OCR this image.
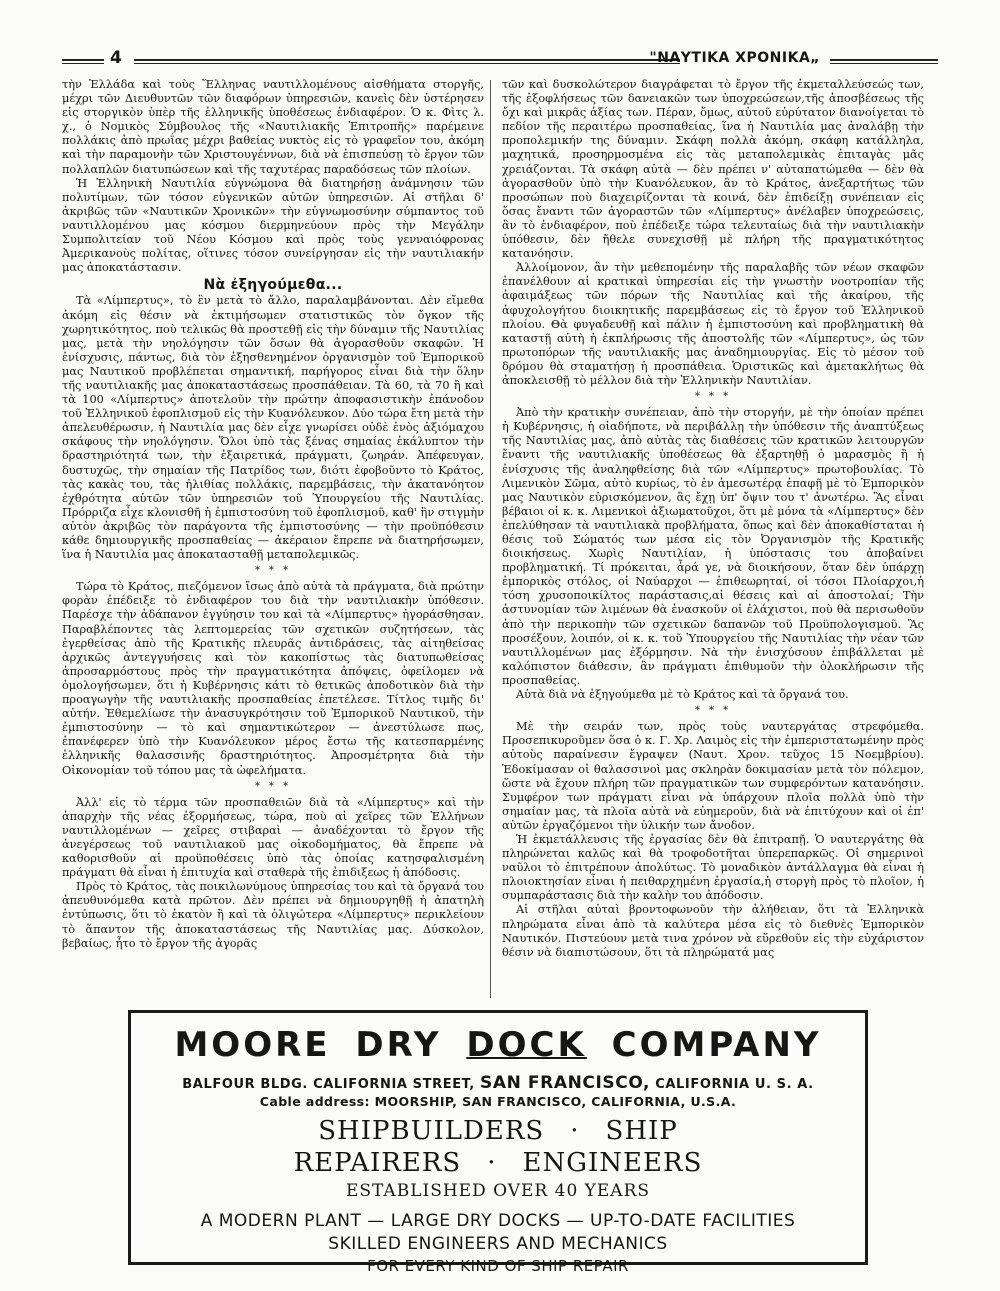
4	"ΝΑΥΤΙΚΑ ΧΡΟΝΙΚΑ„

τὴν Ἑλλάδα καὶ τοὺς Ἕλληνας ναυτιλλομένους αἰσθήματα στοργῆς, μέχρι τῶν Διευθυντῶν τῶν διαφόρων ὑπηρεσιῶν, κανεὶς δὲν ὑστέρησεν εἰς στοργικὸν ὑπὲρ τῆς ἑλληνικῆς ὑποθέσεως ἐνδιαφέρον. Ὁ κ. Φὶτς λ. χ., ὁ Νομικὸς Σύμβουλος τῆς «Ναυτιλιακῆς Ἐπιτροπῆς» παρέμεινε πολλάκις ἀπὸ πρωΐας μέχρι βαθείας νυκτὸς εἰς τὸ γραφεῖον του, ἀκόμη καὶ τὴν παραμονὴν τῶν Χριστουγέννων, διὰ νὰ ἐπισπεύσῃ τὸ ἔργον τῶν πολλαπλῶν διατυπώσεων καὶ τῆς ταχυτέρας παραδόσεως τῶν πλοίων.

Ἡ Ἑλληνικὴ Ναυτιλία εὐγνώμονα θὰ διατηρήσῃ ἀνάμνησιν τῶν πολυτίμων, τῶν τόσον εὐγενικῶν αὐτῶν ὑπηρεσιῶν. Αἱ στῆλαι δ' ἀκριβῶς τῶν «Ναυτικῶν Χρονικῶν» τὴν εὐγνωμοσύνην σύμπαντος τοῦ ναυτιλλομένου μας κόσμου διερμηνεύουν πρὸς τὴν Μεγάλην Συμπολιτείαν τοῦ Νέου Κόσμου καὶ πρὸς τοὺς γενναιόφρονας Ἀμερικανοὺς πολίτας, οἵτινες τόσον συνείργησαν εἰς τὴν ναυτιλιακήν μας ἀποκατάστασιν.

Νὰ ἐξηγούμεθα...

Τὰ «Λίμπερτυς», τὸ ἓν μετὰ τὸ ἄλλο, παραλαμβάνονται. Δὲν εἴμεθα ἀκόμη εἰς θέσιν νὰ ἐκτιμήσωμεν στατιστικῶς τὸν ὄγκον τῆς χωρητικότητος, ποὺ τελικῶς θὰ προστεθῇ εἰς τὴν δύναμιν τῆς Ναυτιλίας μας, μετὰ τὴν νηολόγησιν τῶν ὅσων θὰ ἀγορασθοῦν σκαφῶν. Ἡ ἐνίσχυσις, πάντως, διὰ τὸν ἐξησθενημένον ὀργανισμὸν τοῦ Ἐμπορικοῦ μας Ναυτικοῦ προβλέπεται σημαντική, παρήγορος εἶναι διὰ τὴν ὅλην τῆς ναυτιλιακῆς μας ἀποκαταστάσεως προσπάθειαν. Τὰ 60, τὰ 70 ἢ καὶ τὰ 100 «Λίμπερτυς» ἀποτελοῦν τὴν πρώτην ἀποφασιστικὴν ἐπάνοδον τοῦ Ἑλληνικοῦ ἐφοπλισμοῦ εἰς τὴν Κυανόλευκον. Δύο τώρα ἔτη μετὰ τὴν ἀπελευθέρωσιν, ἡ Ναυτιλία μας δὲν εἶχε γνωρίσει οὐδὲ ἑνὸς ἀξιόμαχου σκάφους τὴν νηολόγησιν. Ὅλοι ὑπὸ τὰς ξένας σημαίας ἐκάλυπτον τὴν δραστηριότητά των, τὴν ἐξαιρετικά, πράγματι, ζωηράν. Ἀπέφευγαν, δυστυχῶς, τὴν σημαίαν τῆς Πατρίδος των, διότι ἐφοβοῦντο τὸ Κράτος, τὰς κακὰς του, τὰς ἠλιθίας πολλάκις, παρεμβάσεις, τὴν ἀκατανόητον ἐχθρότητα αὐτῶν τῶν ὑπηρεσιῶν τοῦ Ὑπουργείου τῆς Ναυτιλίας. Πρόρριζα εἶχε κλονισθῆ ἡ ἐμπιστοσύνη τοῦ ἐφοπλισμοῦ, καθ' ἣν στιγμὴν αὐτὸν ἀκριβῶς τὸν παράγοντα τῆς ἐμπιστοσύνης — τὴν προϋπόθεσιν κάθε δημιουργικῆς προσπαθείας — ἀκέραιον ἔπρεπε νὰ διατηρήσωμεν, ἵνα ἡ Ναυτιλία μας ἀποκατασταθῇ μεταπολεμικῶς.

* * *

Τώρα τὸ Κράτος, πιεζόμενον ἴσως ἀπὸ αὐτὰ τὰ πράγματα, διὰ πρώτην φορὰν ἐπέδειξε τὸ ἐνδιαφέρον του διὰ τὴν ναυτιλιακὴν ὑπόθεσιν. Παρέσχε τὴν ἀδάπανον ἐγγύησιν του καὶ τὰ «Λίμπερτυς» ἠγοράσθησαν. Παραβλέποντες τὰς λεπτομερείας τῶν σχετικῶν συζητήσεων, τὰς ἐγερθείσας ἀπὸ τῆς Κρατικῆς πλευρᾶς ἀντιδράσεις, τὰς αἰτηθείσας ἀρχικῶς ἀντεγγυήσεις καὶ τὸν κακοπίστως τὰς διατυπωθείσας ἀπροσαρμόστους πρὸς τὴν πραγματικότητα ἀπόψεις, ὀφείλομεν νὰ ὁμολογήσωμεν, ὅτι ἡ Κυβέρνησις κάτι τὸ θετικῶς ἀποδοτικὸν διὰ τὴν προαγωγὴν τῆς ναυτιλιακῆς προσπαθείας ἐπετέλεσε. Τίτλος τιμῆς δι' αὐτήν. Ἐθεμελίωσε τὴν ἀνασυγκρότησιν τοῦ Ἐμπορικοῦ Ναυτικοῦ, τὴν ἐμπιστοσύνην — τὸ καὶ σημαντικώτερον — ἀνεστύλωσε πως, ἐπανέφερεν ὑπὸ τὴν Κυανόλευκον μέρος ἔστω τῆς κατεσπαρμένης ἑλληνικῆς θαλασσινῆς δραστηριότητος. Ἀπροσμέτρητα διὰ τὴν Οἰκονομίαν τοῦ τόπου μας τὰ ὠφελήματα.

* * *

Ἀλλ' εἰς τὸ τέρμα τῶν προσπαθειῶν διὰ τὰ «Λίμπερτυς» καὶ τὴν ἀπαρχὴν τῆς νέας ἐξορμήσεως, τώρα, ποὺ αἱ χεῖρες τῶν Ἑλλήνων ναυτιλλομένων — χεῖρες στιβαραὶ — ἀναδέχονται τὸ ἔργον τῆς ἀνεγέρσεως τοῦ ναυτιλιακοῦ μας οἰκοδομήματος, θὰ ἔπρεπε νὰ καθορισθοῦν αἱ προϋποθέσεις ὑπὸ τὰς ὁποίας κατησφαλισμένη πράγματι θὰ εἶναι ἡ ἐπιτυχία καὶ σταθερὰ τῆς ἐπιδιξεως ἡ ἀπόδοσις.

Πρὸς τὸ Κράτος, τὰς ποικιλωνύμους ὑπηρεσίας του καὶ τὰ ὄργανά του ἀπευθυνόμεθα κατὰ πρῶτον. Δὲν πρέπει νὰ δημιουργηθῇ ἡ ἀπατηλὴ ἐντύπωσις, ὅτι τὸ ἑκατὸν ἢ καὶ τὰ ὀλιγώτερα «Λίμπερτυς» περικλείουν τὸ ἅπαντον τῆς ἀποκαταστάσεως τῆς Ναυτιλίας μας. Δύσκολον, βεβαίως, ἦτο τὸ ἔργον τῆς ἀγορᾶς

τῶν καὶ δυσκολώτερον διαγράφεται τὸ ἔργον τῆς ἐκμεταλλεύσεώς των, τῆς ἐξοφλήσεως τῶν δανειακῶν των ὑποχρεώσεων,τῆς ἀποσβέσεως τῆς ὄχι καὶ μικρᾶς ἀξίας των. Πέραν, ὅμως, αὐτοῦ εὐρύτατον διανοίγεται τὸ πεδίον τῆς περαιτέρω προσπαθείας, ἵνα ἡ Ναυτιλία μας ἀναλάβῃ τὴν προπολεμικήν της δύναμιν. Σκάφη πολλὰ ἀκόμη, σκάφη κατάλληλα, μαχητικά, προσηρμοσμένα εἰς τὰς μεταπολεμικὰς ἐπιταγὰς μᾶς χρειάζονται. Τὰ σκάφη αὐτὰ — δὲν πρέπει ν' αὐταπατώμεθα — δὲν θὰ ἀγορασθοῦν ὑπὸ τὴν Κυανόλευκον, ἂν τὸ Κράτος, ἀνεξαρτήτως τῶν προσώπων ποὺ διαχειρίζονται τὰ κοινά, δὲν ἐπιδείξῃ συνέπειαν εἰς ὅσας ἔναντι τῶν ἀγοραστῶν τῶν «Λίμπερτυς» ἀνέλαβεν ὑποχρεώσεις, ἂν τὸ ἐνδιαφέρον, ποὺ ἐπέδειξε τώρα τελευταίως διὰ τὴν ναυτιλιακὴν ὑπόθεσιν, δὲν ἤθελε συνεχισθῇ μὲ πλήρη τῆς πραγματικότητος κατανόησιν.

Ἀλλοίμονον, ἂν τὴν μεθεπομένην τῆς παραλαβῆς τῶν νέων σκαφῶν ἐπανέλθουν αἱ κρατικαὶ ὑπηρεσίαι εἰς τὴν γνωστὴν νοοτροπίαν τῆς ἀφαιμάξεως τῶν πόρων τῆς Ναυτιλίας καὶ τῆς ἀκαίρου, τῆς ἀφυχολογήτου διοικητικῆς παρεμβάσεως εἰς τὸ ἔργον τοῦ Ἑλληνικοῦ πλοίου. Θὰ φυγαδευθῇ καὶ πάλιν ἡ ἐμπιστοσύνη καὶ προβληματικὴ θὰ καταστῇ αὐτὴ ἡ ἐκπλήρωσις τῆς ἀποστολῆς τῶν «Λίμπερτυς», ὡς τῶν πρωτοπόρων τῆς ναυτιλιακῆς μας ἀναδημιουργίας. Εἰς τὸ μέσον τοῦ δρόμου θὰ σταματήσῃ ἡ προσπάθεια. Ὁριστικῶς καὶ ἀμετακλήτως θὰ ἀποκλεισθῇ τὸ μέλλον διὰ τὴν Ἑλληνικὴν Ναυτιλίαν.

* * *

Ἀπὸ τὴν κρατικὴν συνέπειαν, ἀπὸ τὴν στοργήν, μὲ τὴν ὁποίαν πρέπει ἡ Κυβέρνησις, ἡ οἱαδήποτε, νὰ περιβάλλῃ τὴν ὑπόθεσιν τῆς ἀναπτύξεως τῆς Ναυτιλίας μας, ἀπὸ αὐτὰς τὰς διαθέσεις τῶν κρατικῶν λειτουργῶν ἔναντι τῆς ναυτιλιακῆς ὑποθέσεως θὰ ἐξαρτηθῇ ὁ μαρασμὸς ἢ ἡ ἐνίσχυσις τῆς ἀναληφθείσης διὰ τῶν «Λίμπερτυς» πρωτοβουλίας. Τὸ Λιμενικὸν Σῶμα, αὐτὸ κυρίως, τὸ ἐν ἀμεσωτέρᾳ ἐπαφῇ μὲ τὸ Ἐμπορικὸν μας Ναυτικὸν εὑρισκόμενον, ἂς ἔχῃ ὑπ' ὄψιν του τ' ἀνωτέρω. Ἂς εἶναι βέβαιοι οἱ κ. κ. Λιμενικοὶ ἀξιωματοῦχοι, ὅτι μὲ μόνα τὰ «Λίμπερτυς» δὲν ἐπελύθησαν τὰ ναυτιλιακὰ προβλήματα, ὅπως καὶ δὲν ἀποκαθίσταται ἡ θέσις τοῦ Σώματός των μέσα εἰς τὸν Ὀργανισμὸν τῆς Κρατικῆς διοικήσεως. Χωρὶς Ναυτιλίαν, ἡ ὑπόστασις του ἀποβαίνει προβληματική. Τί πρόκειται, ἆρά γε, νὰ διοικήσουν, ὅταν δὲν ὑπάρχῃ ἐμπορικὸς στόλος, οἱ Ναύαρχοι — ἐπιθεωρηταί, οἱ τόσοι Πλοίαρχοι,ἡ τόση χρυσοποικίλτος παράστασις,αἱ θέσεις καὶ αἱ ἀποστολαί; Τὴν ἀστυνομίαν τῶν λιμένων θὰ ἐνασκοῦν οἱ ἐλάχιστοι, ποὺ θὰ περισωθοῦν ἀπὸ τὴν περικοπὴν τῶν σχετικῶν δαπανῶν τοῦ Προϋπολογισμοῦ. Ἂς προσέξουν, λοιπόν, οἱ κ. κ. τοῦ Ὑπουργείου τῆς Ναυτιλίας τὴν νέαν τῶν ναυτιλλομένων μας ἐξόρμησιν. Νὰ τὴν ἐνισχύσουν ἐπιβάλλεται μὲ καλόπιστον διάθεσιν, ἂν πράγματι ἐπιθυμοῦν τὴν ὁλοκλήρωσιν τῆς προσπαθείας.

Αὐτὰ διὰ νὰ ἐξηγούμεθα μὲ τὸ Κράτος καὶ τὰ ὄργανά του.

* * *

Μὲ τὴν σειράν των, πρὸς τοὺς ναυτεργάτας στρεφόμεθα. Προσεπικυροῦμεν ὅσα ὁ κ. Γ. Χρ. Λαιμὸς εἰς τὴν ἐμπεριστατωμένην πρὸς αὐτοὺς παραίνεσιν ἔγραψεν (Ναυτ. Χρον. τεῦχος 15 Νοεμβρίου). Ἐδοκίμασαν οἱ θαλασσινοὶ μας σκληρὰν δοκιμασίαν μετὰ τὸν πόλεμον, ὥστε νὰ ἔχουν πλήρη τῶν πραγματικῶν των συμφερόντων κατανόησιν. Συμφέρον των πράγματι εἶναι νὰ ὑπάρχουν πλοῖα πολλὰ ὑπὸ τὴν σημαίαν μας, τὰ πλοῖα αὐτὰ νὰ εὐημεροῦν, διὰ νὰ ἐπιτύχουν καὶ οἱ ἐπ' αὐτῶν ἐργαζόμενοι τὴν ὑλικήν των ἄνοδον.

Ἡ ἐκμετάλλευσις τῆς ἐργασίας δὲν θὰ ἐπιτραπῇ. Ὁ ναυτεργάτης θὰ πληρώνεται καλῶς καὶ θὰ τροφοδοτῆται ὑπερεπαρκῶς. Οἱ σημερινοὶ ναῦλοι τὸ ἐπιτρέπουν ἀπολύτως. Τὸ μοναδικὸν ἀντάλλαγμα θὰ εἶναι ἡ πλοιοκτησίαν εἶναι ἡ πειθαρχημένη ἐργασία,ἡ στοργὴ πρὸς τὸ πλοῖον, ἡ συμπαράστασις διὰ τὴν καλὴν του ἀπόδοσιν.

Αἱ στῆλαι αὐταὶ βροντοφωνοῦν τὴν ἀλήθειαν, ὅτι τὰ Ἑλληνικὰ πληρώματα εἶναι ἀπὸ τὰ καλύτερα μέσα εἰς τὸ διεθνὲς Ἐμπορικὸν Ναυτικόν. Πιστεύουν μετὰ τινα χρόνον νὰ εὕρεθοῦν εἰς τὴν εὐχάριστον θέσιν νὰ διαπιστώσουν, ὅτι τὰ πληρώματά μας

MOORE DRY DOCK COMPANY
BALFOUR BLDG. CALIFORNIA STREET, SAN FRANCISCO, CALIFORNIA U. S. A.
Cable address: MOORSHIP, SAN FRANCISCO, CALIFORNIA, U.S.A.
SHIPBUILDERS · SHIP REPAIRERS · ENGINEERS
ESTABLISHED OVER 40 YEARS
A MODERN PLANT — LARGE DRY DOCKS — UP-TO-DATE FACILITIES
SKILLED ENGINEERS AND MECHANICS
FOR EVERY KIND OF SHIP REPAIR
